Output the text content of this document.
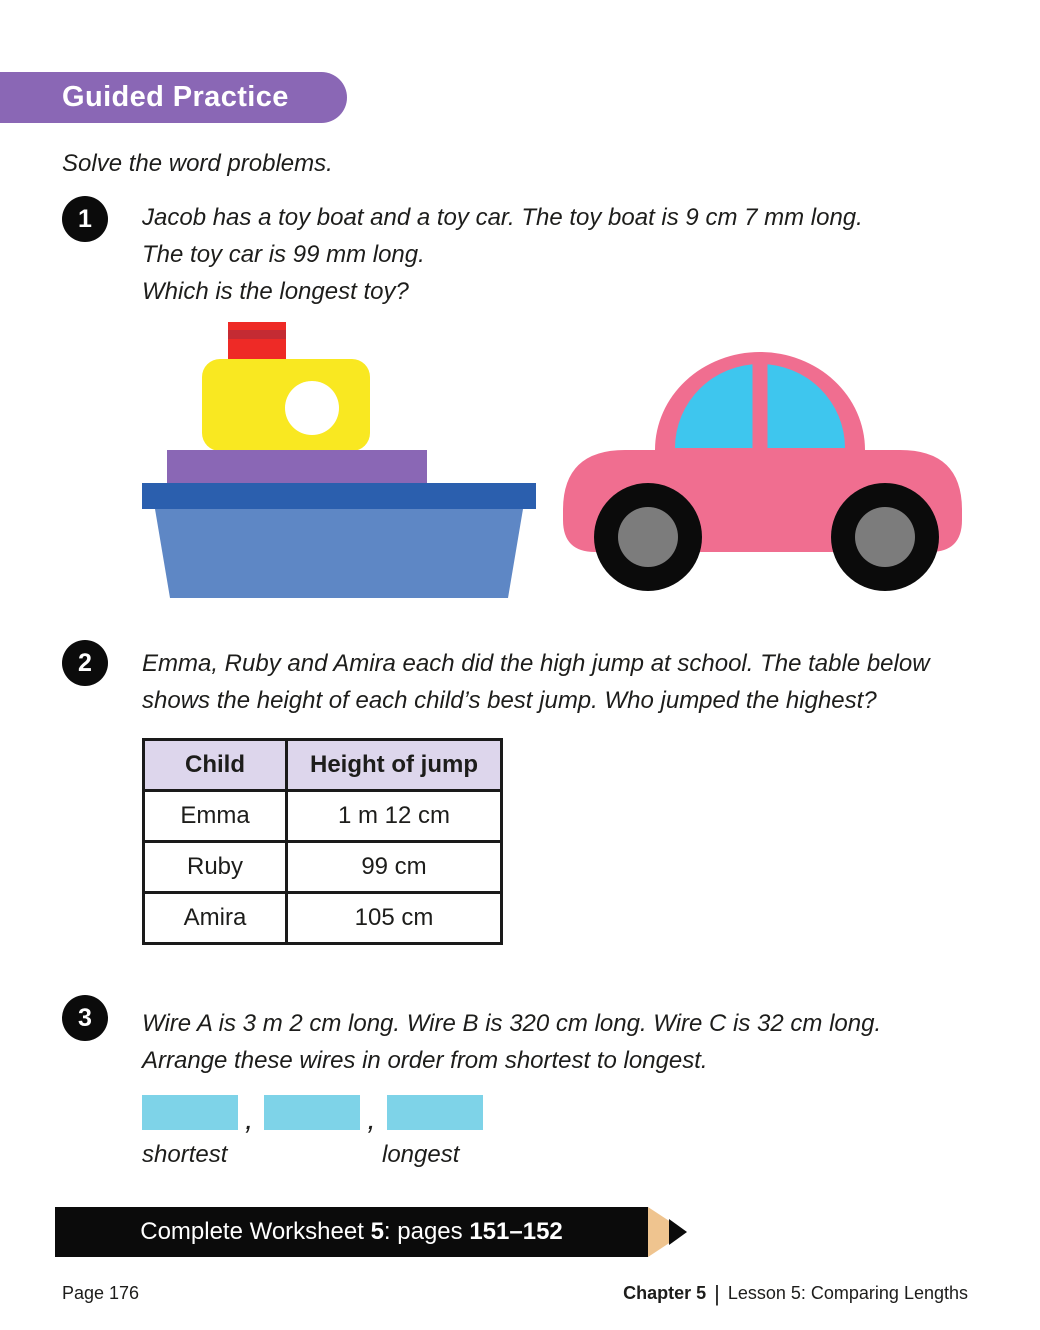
Guided Practice
Solve the word problems.
1 Jacob has a toy boat and a toy car. The toy boat is 9 cm 7 mm long.
The toy car is 99 mm long.
Which is the longest toy?
2 Emma, Ruby and Amira each did the high jump at school. The table below
shows the height of each child’s best jump. Who jumped the highest?
Child	Height of jump
Emma	1 m 12 cm
Ruby	99 cm
Amira	105 cm
3 Wire A is 3 m 2 cm long. Wire B is 320 cm long. Wire C is 32 cm long.
Arrange these wires in order from shortest to longest.
,	,
shortest	longest
Complete Worksheet 5 : pages 151–152
Page 176	Chapter 5 | Lesson 5: Comparing Lengths
